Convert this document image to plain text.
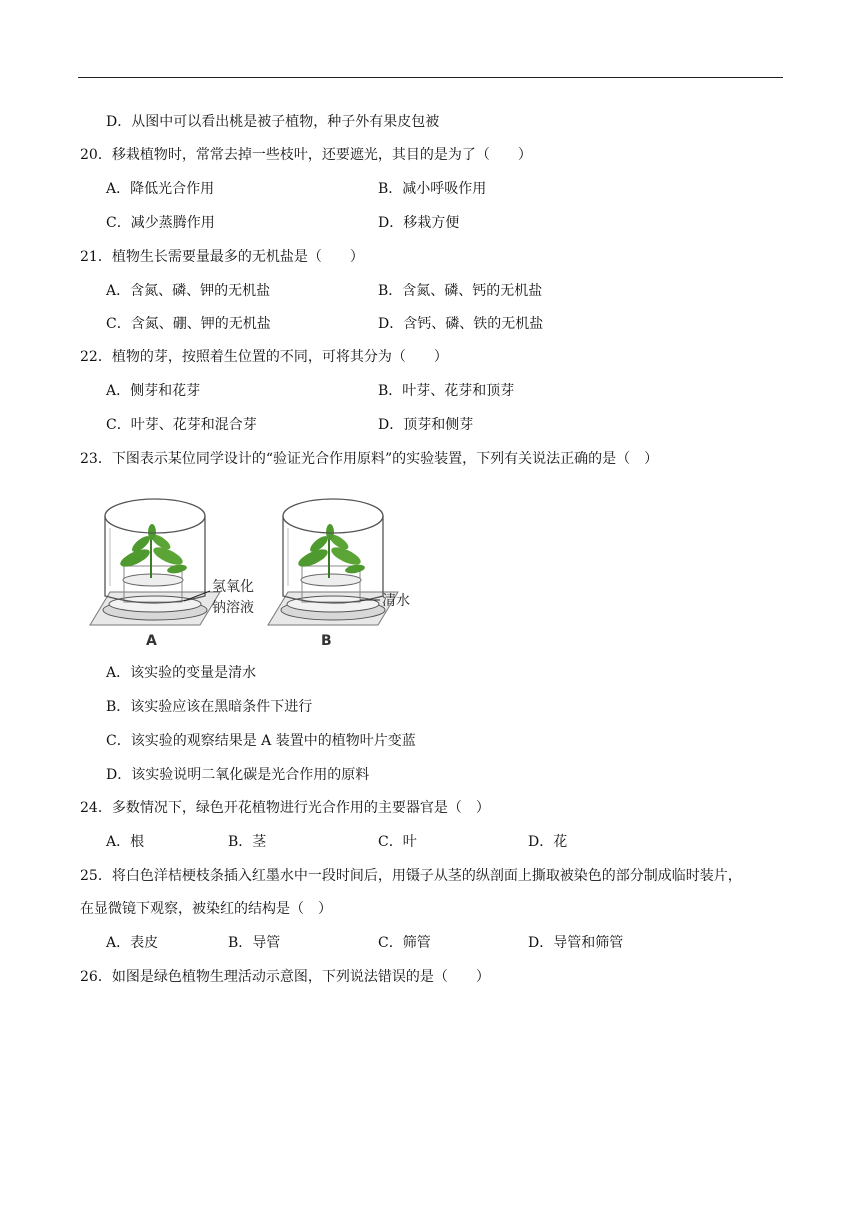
D．从图中可以看出桃是被子植物，种子外有果皮包被
20．移栽植物时，常常去掉一些枝叶，还要遮光，其目的是为了（　　）
A．降低光合作用	B．减小呼吸作用
C．减少蒸腾作用	D．移栽方便
21．植物生长需要量最多的无机盐是（　　）
A．含氮、磷、钾的无机盐	B．含氮、磷、钙的无机盐
C．含氮、硼、钾的无机盐	D．含钙、磷、铁的无机盐
22．植物的芽，按照着生位置的不同，可将其分为（　　）
A．侧芽和花芽	B．叶芽、花芽和顶芽
C．叶芽、花芽和混合芽	D．顶芽和侧芽
23．下图表示某位同学设计的“验证光合作用原料”的实验装置，下列有关说法正确的是（　）
氢氧化
钠溶液
A
清水
B
A．该实验的变量是清水
B．该实验应该在黑暗条件下进行
C．该实验的观察结果是 A 装置中的植物叶片变蓝
D．该实验说明二氧化碳是光合作用的原料
24．多数情况下，绿色开花植物进行光合作用的主要器官是（　）
A．根	B．茎	C．叶	D．花
25．将白色洋桔梗枝条插入红墨水中一段时间后，用镊子从茎的纵剖面上撕取被染色的部分制成临时装片，
在显微镜下观察，被染红的结构是（　）
A．表皮	B．导管	C．筛管	D．导管和筛管
26．如图是绿色植物生理活动示意图，下列说法错误的是（　　）
